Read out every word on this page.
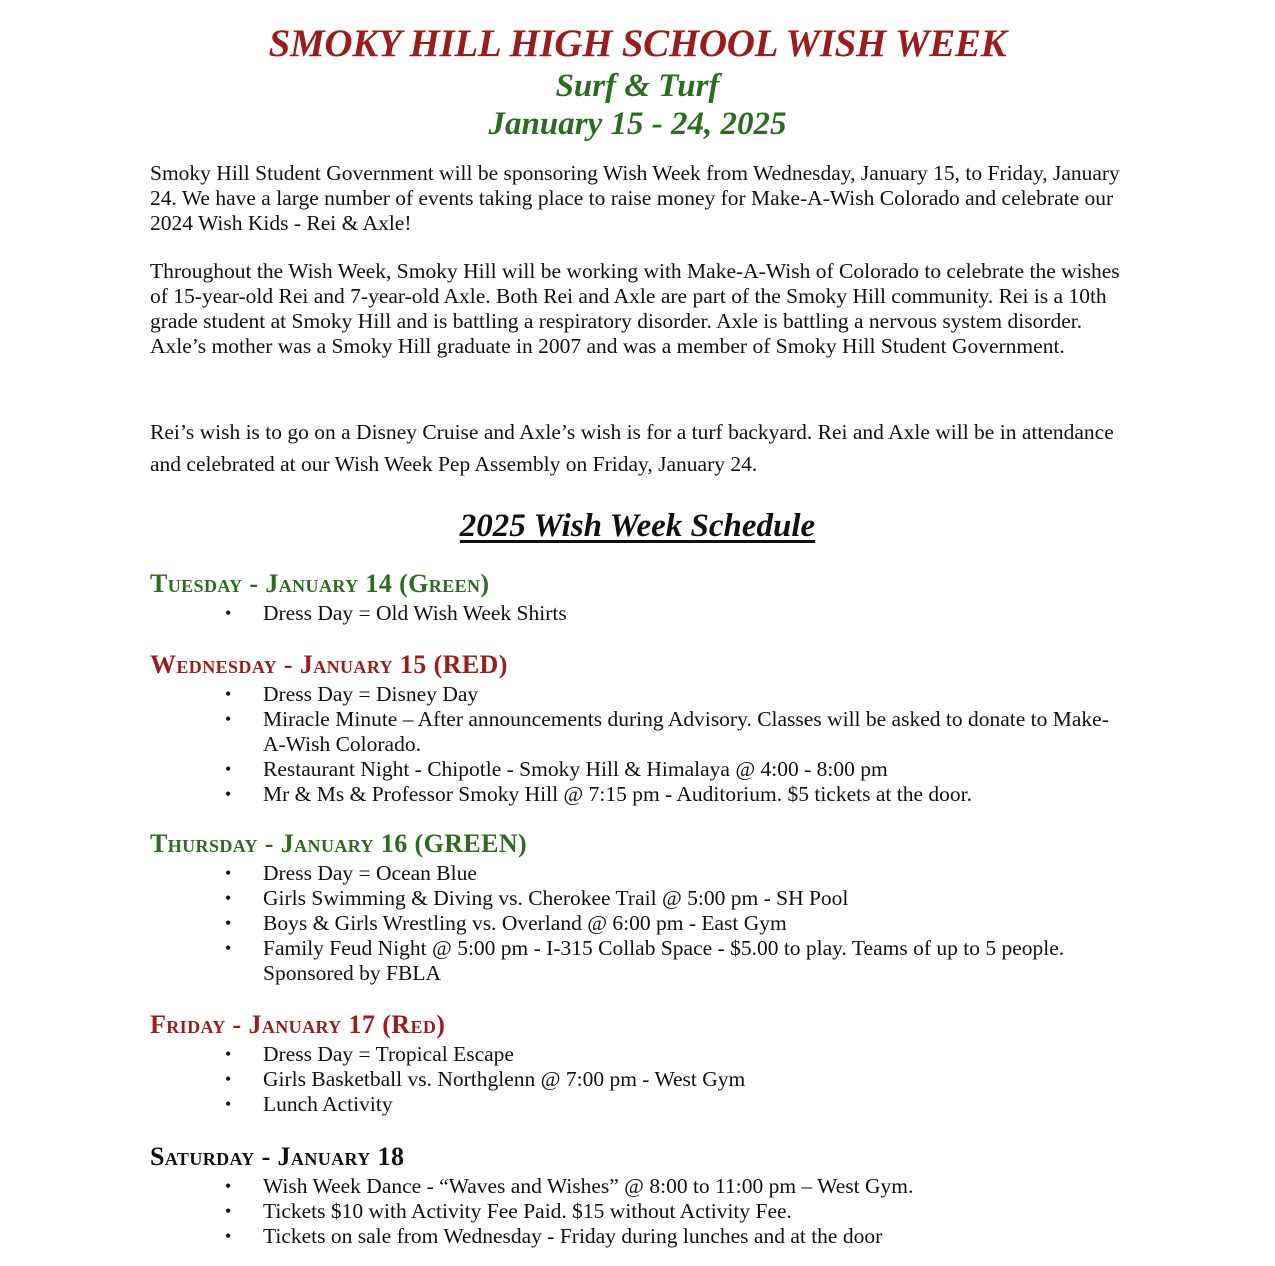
SMOKY HILL HIGH SCHOOL WISH WEEK
Surf & Turf
January 15 - 24, 2025

Smoky Hill Student Government will be sponsoring Wish Week from Wednesday, January 15, to Friday, January 24. We have a large number of events taking place to raise money for Make-A-Wish Colorado and celebrate our 2024 Wish Kids - Rei & Axle!

Throughout the Wish Week, Smoky Hill will be working with Make-A-Wish of Colorado to celebrate the wishes of 15-year-old Rei and 7-year-old Axle. Both Rei and Axle are part of the Smoky Hill community. Rei is a 10th grade student at Smoky Hill and is battling a respiratory disorder. Axle is battling a nervous system disorder. Axle’s mother was a Smoky Hill graduate in 2007 and was a member of Smoky Hill Student Government.

Rei’s wish is to go on a Disney Cruise and Axle’s wish is for a turf backyard. Rei and Axle will be in attendance and celebrated at our Wish Week Pep Assembly on Friday, January 24.

2025 Wish Week Schedule
Tuesday - January 14 (Green)
•	Dress Day = Old Wish Week Shirts
Wednesday - January 15 (RED)
•	Dress Day = Disney Day
•	Miracle Minute – After announcements during Advisory. Classes will be asked to donate to Make-A-Wish Colorado.
•	Restaurant Night - Chipotle - Smoky Hill & Himalaya @ 4:00 - 8:00 pm
•	Mr & Ms & Professor Smoky Hill @ 7:15 pm - Auditorium. $5 tickets at the door.
Thursday - January 16 (GREEN)
•	Dress Day = Ocean Blue
•	Girls Swimming & Diving vs. Cherokee Trail @ 5:00 pm - SH Pool
•	Boys & Girls Wrestling vs. Overland @ 6:00 pm - East Gym
•	Family Feud Night @ 5:00 pm - I-315 Collab Space - $5.00 to play. Teams of up to 5 people. Sponsored by FBLA
Friday - January 17 (Red)
•	Dress Day = Tropical Escape
•	Girls Basketball vs. Northglenn @ 7:00 pm - West Gym
•	Lunch Activity
Saturday - January 18
•	Wish Week Dance - “Waves and Wishes” @ 8:00 to 11:00 pm – West Gym.
•	Tickets $10 with Activity Fee Paid. $15 without Activity Fee.
•	Tickets on sale from Wednesday - Friday during lunches and at the door
